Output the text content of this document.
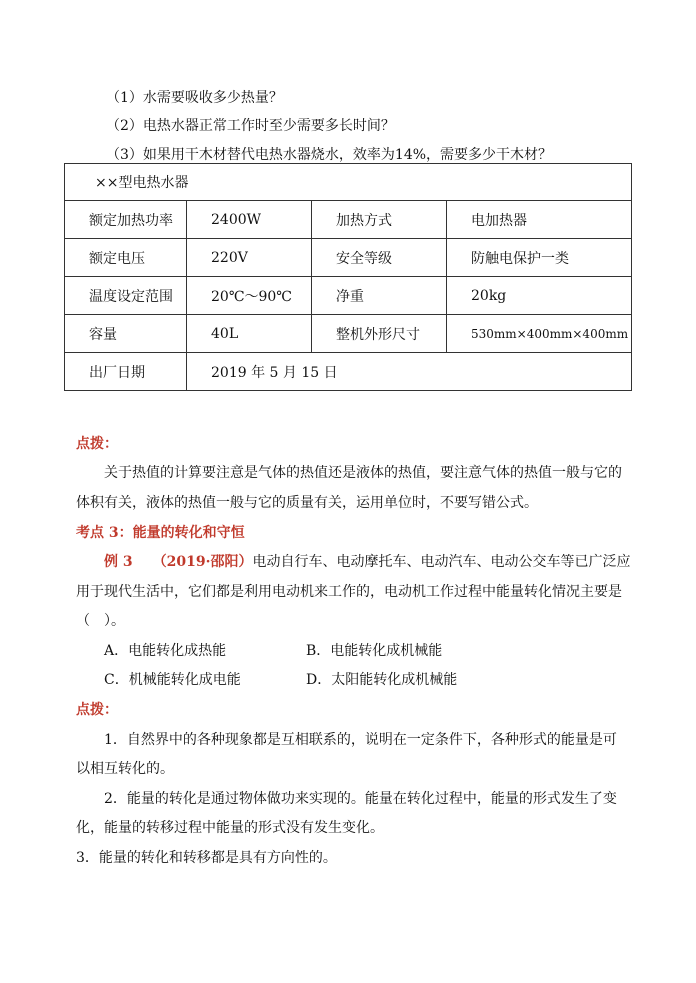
（1）水需要吸收多少热量？
（2）电热水器正常工作时至少需要多长时间？
（3）如果用干木材替代电热水器烧水，效率为14%，需要多少干木材？
××型电热水器			
额定加热功率	2400W	加热方式	电加热器
额定电压	220V	安全等级	防触电保护一类
温度设定范围	20℃～90℃	净重	20kg
容量	40L	整机外形尺寸	530mm×400mm×400mm
出厂日期	2019 年 5 月 15 日		
点拨：
关于热值的计算要注意是气体的热值还是液体的热值，要注意气体的热值一般与它的
体积有关，液体的热值一般与它的质量有关，运用单位时，不要写错公式。
考点 3：能量的转化和守恒
例 3 （2019·邵阳）电动自行车、电动摩托车、电动汽车、电动公交车等已广泛应
用于现代生活中，它们都是利用电动机来工作的，电动机工作过程中能量转化情况主要是
（　）。
A．电能转化成热能	B．电能转化成机械能
C．机械能转化成电能	D．太阳能转化成机械能
点拨：
1．自然界中的各种现象都是互相联系的，说明在一定条件下，各种形式的能量是可
以相互转化的。
2．能量的转化是通过物体做功来实现的。能量在转化过程中，能量的形式发生了变
化，能量的转移过程中能量的形式没有发生变化。
3．能量的转化和转移都是具有方向性的。
